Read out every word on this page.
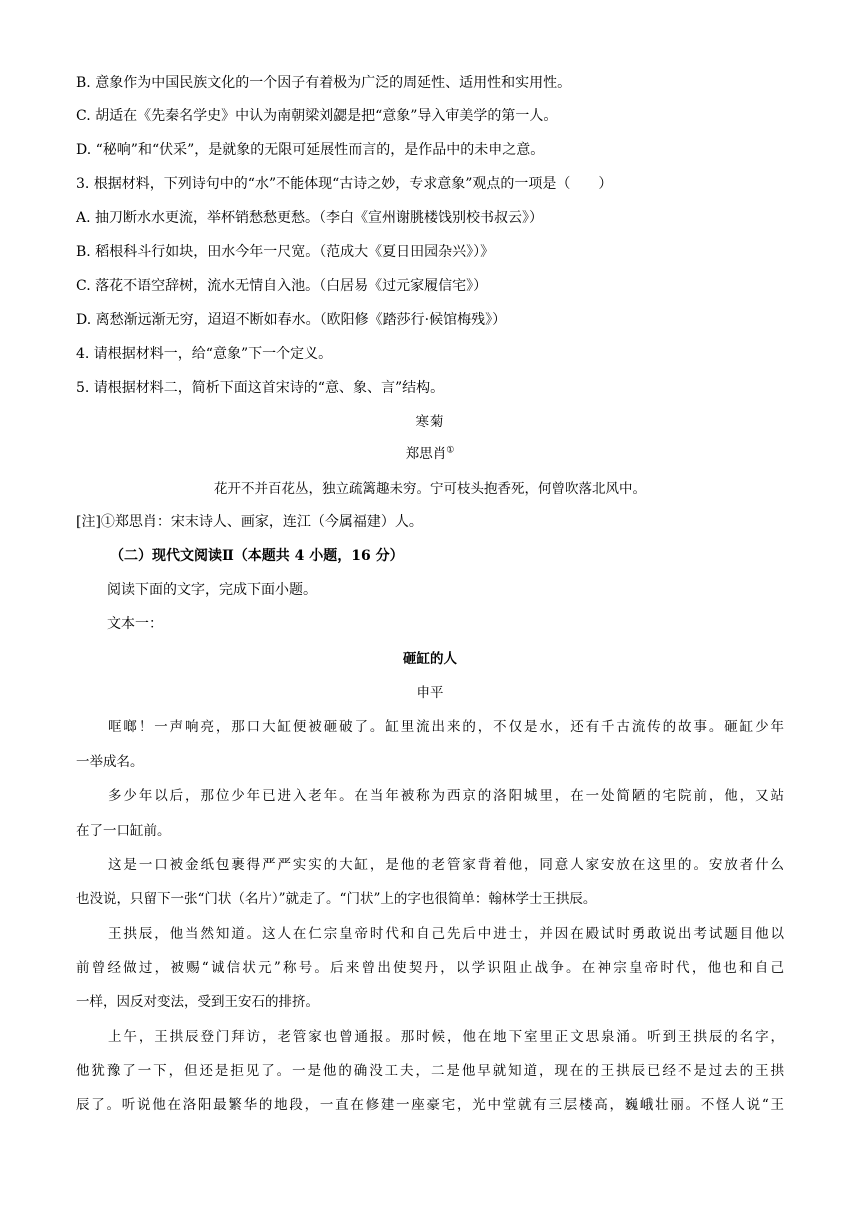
B. 意象作为中国民族文化的一个因子有着极为广泛的周延性、适用性和实用性。
C. 胡适在《先秦名学史》中认为南朝梁刘勰是把“意象”导入审美学的第一人。
D. “秘响”和“伏采”，是就象的无限可延展性而言的，是作品中的未申之意。
3. 根据材料，下列诗句中的“水”不能体现“古诗之妙，专求意象”观点的一项是（　　）
A. 抽刀断水水更流，举杯销愁愁更愁。（李白《宣州谢朓楼饯别校书叔云》）
B. 稻根科斗行如块，田水今年一尺宽。（范成大《夏日田园杂兴》）》
C. 落花不语空辞树，流水无情自入池。（白居易《过元家履信宅》）
D. 离愁渐远渐无穷，迢迢不断如春水。（欧阳修《踏莎行·候馆梅残》）
4. 请根据材料一，给“意象”下一个定义。
5. 请根据材料二，简析下面这首宋诗的“意、象、言”结构。
寒菊
郑思肖①
花开不并百花丛，独立疏篱趣未穷。宁可枝头抱香死，何曾吹落北风中。
[注]①郑思肖：宋末诗人、画家，连江（今属福建）人。
（二）现代文阅读Ⅱ（本题共 4 小题，16 分）
阅读下面的文字，完成下面小题。
文本一：
砸缸的人
申平
哐啷！一声响亮，那口大缸便被砸破了。缸里流出来的，不仅是水，还有千古流传的故事。砸缸少年
一举成名。
多少年以后，那位少年已进入老年。在当年被称为西京的洛阳城里，在一处简陋的宅院前，他，又站
在了一口缸前。
这是一口被金纸包裹得严严实实的大缸，是他的老管家背着他，同意人家安放在这里的。安放者什么
也没说，只留下一张“门状（名片）”就走了。“门状”上的字也很简单：翰林学士王拱辰。
王拱辰，他当然知道。这人在仁宗皇帝时代和自己先后中进士，并因在殿试时勇敢说出考试题目他以
前曾经做过，被赐“诚信状元”称号。后来曾出使契丹，以学识阻止战争。在神宗皇帝时代，他也和自己
一样，因反对变法，受到王安石的排挤。
上午，王拱辰登门拜访，老管家也曾通报。那时候，他在地下室里正文思泉涌。听到王拱辰的名字，
他犹豫了一下，但还是拒见了。一是他的确没工夫，二是他早就知道，现在的王拱辰已经不是过去的王拱
辰了。听说他在洛阳最繁华的地段，一直在修建一座豪宅，光中堂就有三层楼高，巍峨壮丽。不怪人说“王
